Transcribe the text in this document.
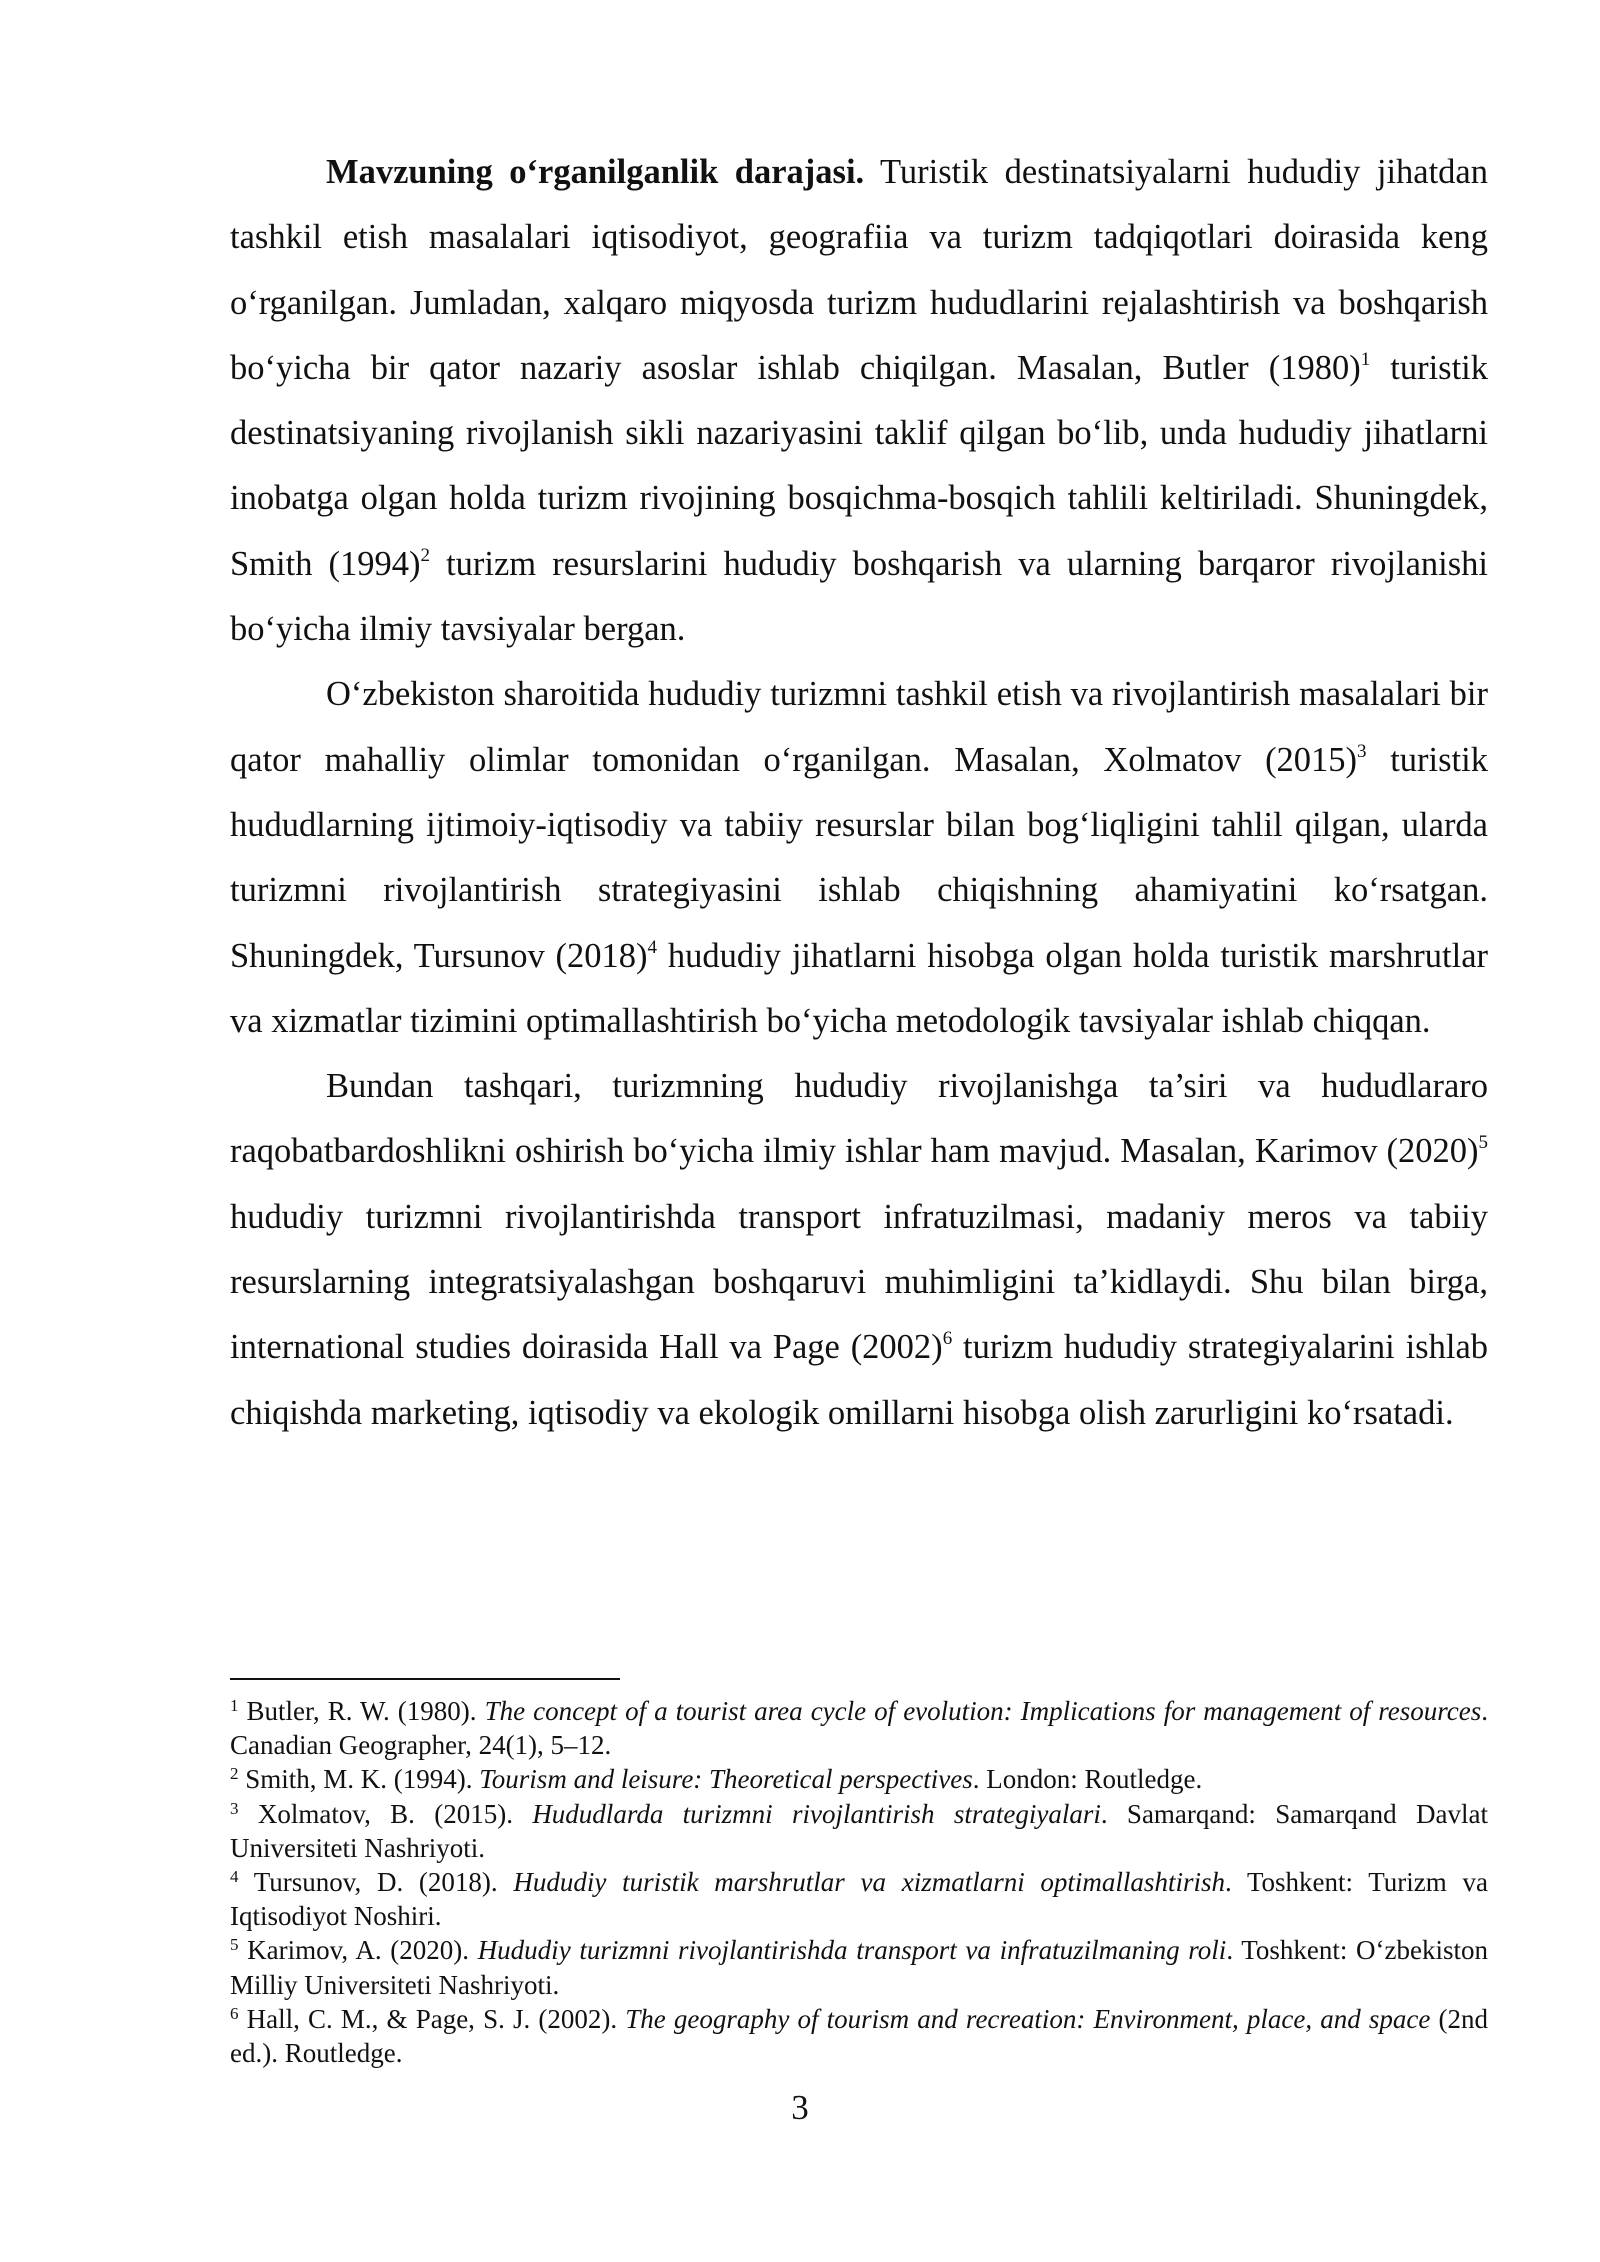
Mavzuning o‘rganilganlik darajasi. Turistik destinatsiyalarni hududiy jihatdan tashkil etish masalalari iqtisodiyot, geografiia va turizm tadqiqotlari doirasida keng o‘rganilgan. Jumladan, xalqaro miqyosda turizm hududlarini rejalashtirish va boshqarish bo‘yicha bir qator nazariy asoslar ishlab chiqilgan. Masalan, Butler (1980)$^1$ turistik destinatsiyaning rivojlanish sikli nazariyasini taklif qilgan bo‘lib, unda hududiy jihatlarni inobatga olgan holda turizm rivojining bosqichma-bosqich tahlili keltiriladi. Shuningdek, Smith (1994)$^2$ turizm resurslarini hududiy boshqarish va ularning barqaror rivojlanishi bo‘yicha ilmiy tavsiyalar bergan.

O‘zbekiston sharoitida hududiy turizmni tashkil etish va rivojlantirish masalalari bir qator mahalliy olimlar tomonidan o‘rganilgan. Masalan, Xolmatov (2015)$^3$ turistik hududlarning ijtimoiy-iqtisodiy va tabiiy resurslar bilan bog‘liqligini tahlil qilgan, ularda turizmni rivojlantirish strategiyasini ishlab chiqishning ahamiyatini ko‘rsatgan. Shuningdek, Tursunov (2018)$^4$ hududiy jihatlarni hisobga olgan holda turistik marshrutlar va xizmatlar tizimini optimallashtirish bo‘yicha metodologik tavsiyalar ishlab chiqqan.

Bundan tashqari, turizmning hududiy rivojlanishga ta’siri va hududlararo raqobatbardoshlikni oshirish bo‘yicha ilmiy ishlar ham mavjud. Masalan, Karimov (2020)$^5$ hududiy turizmni rivojlantirishda transport infratuzilmasi, madaniy meros va tabiiy resurslarning integratsiyalashgan boshqaruvi muhimligini ta’kidlaydi. Shu bilan birga, international studies doirasida Hall va Page (2002)$^6$ turizm hududiy strategiyalarini ishlab chiqishda marketing, iqtisodiy va ekologik omillarni hisobga olish zarurligini ko‘rsatadi.

$^1$ Butler, R. W. (1980). The concept of a tourist area cycle of evolution: Implications for management of resources. Canadian Geographer, 24(1), 5–12.

$^2$ Smith, M. K. (1994). Tourism and leisure: Theoretical perspectives. London: Routledge.

$^3$ Xolmatov, B. (2015). Hududlarda turizmni rivojlantirish strategiyalari. Samarqand: Samarqand Davlat Universiteti Nashriyoti.

$^4$ Tursunov, D. (2018). Hududiy turistik marshrutlar va xizmatlarni optimallashtirish. Toshkent: Turizm va Iqtisodiyot Noshiri.

$^5$ Karimov, A. (2020). Hududiy turizmni rivojlantirishda transport va infratuzilmaning roli. Toshkent: O‘zbekiston Milliy Universiteti Nashriyoti.

$^6$ Hall, C. M., & Page, S. J. (2002). The geography of tourism and recreation: Environment, place, and space (2nd ed.). Routledge.

3
